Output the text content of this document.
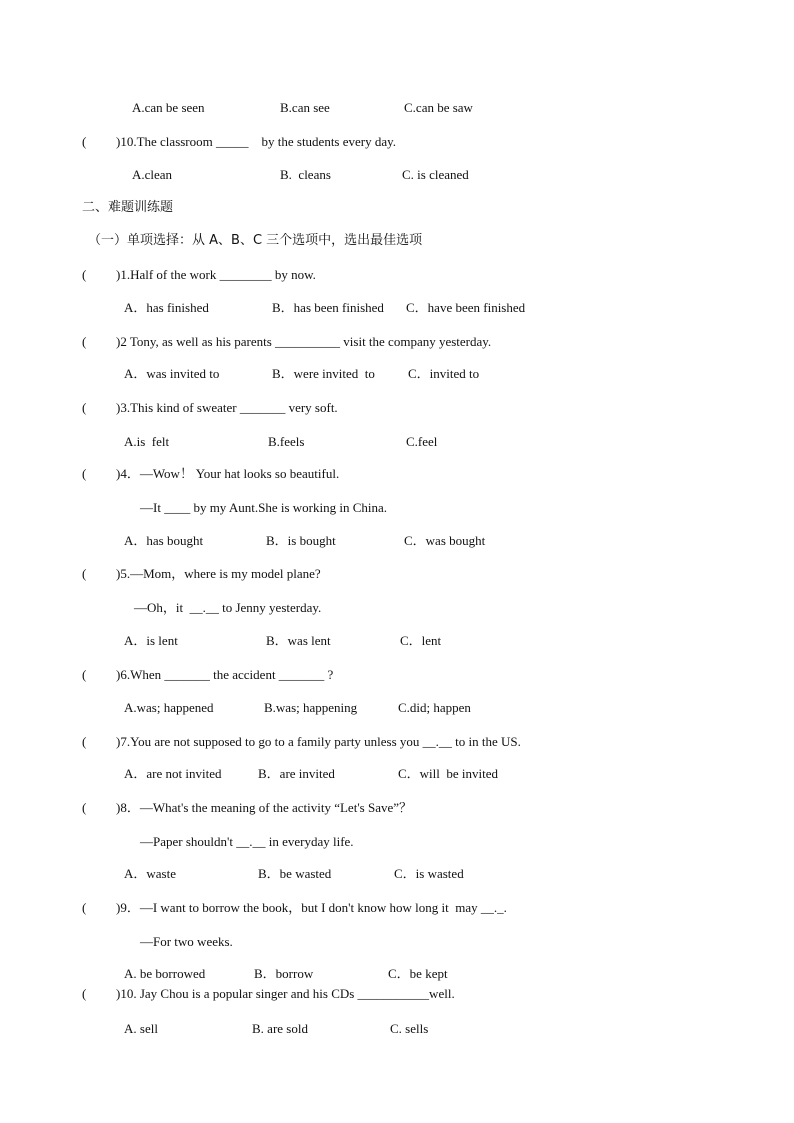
A.can be seen	B.can see	C.can be saw
( )10.The classroom _____    by the students every day.
A.clean	B.  cleans	C. is cleaned
二、难题训练题
（一）单项选择：从 A、B、C 三个选项中，选出最佳选项
( )1.Half of the work ________ by now.
A．has finished	B．has been finished C．have been finished
( )2 Tony, as well as his parents __________ visit the company yesterday.
A．was invited to	B．were invited  to	C．invited to
( )3.This kind of sweater _______ very soft.
A.is  felt	B.feels	C.feel
( )4．—Wow！ Your hat looks so beautiful.
—It ____ by my Aunt.She is working in China.
A．has bought	B．is bought	C．was bought
( )5.—Mom，where is my model plane?
—Oh，it  __.__ to Jenny yesterday.
A．is lent	B．was lent	C．lent
( )6.When _______ the accident _______ ?
A.was; happened	B.was; happening	C.did; happen
( )7.You are not supposed to go to a family party unless you __.__ to in the US.
A．are not invited	B．are invited	C．will  be invited
( )8．—What's the meaning of the activity “Let's Save”？
—Paper shouldn't __.__ in everyday life.
A．waste	B．be wasted	C．is wasted
( )9．—I want to borrow the book，but I don't know how long it  may __._.
—For two weeks.
A. be borrowed	B．borrow	C．be kept
( )10. Jay Chou is a popular singer and his CDs ___________well.
A. sell	B. are sold	C. sells
